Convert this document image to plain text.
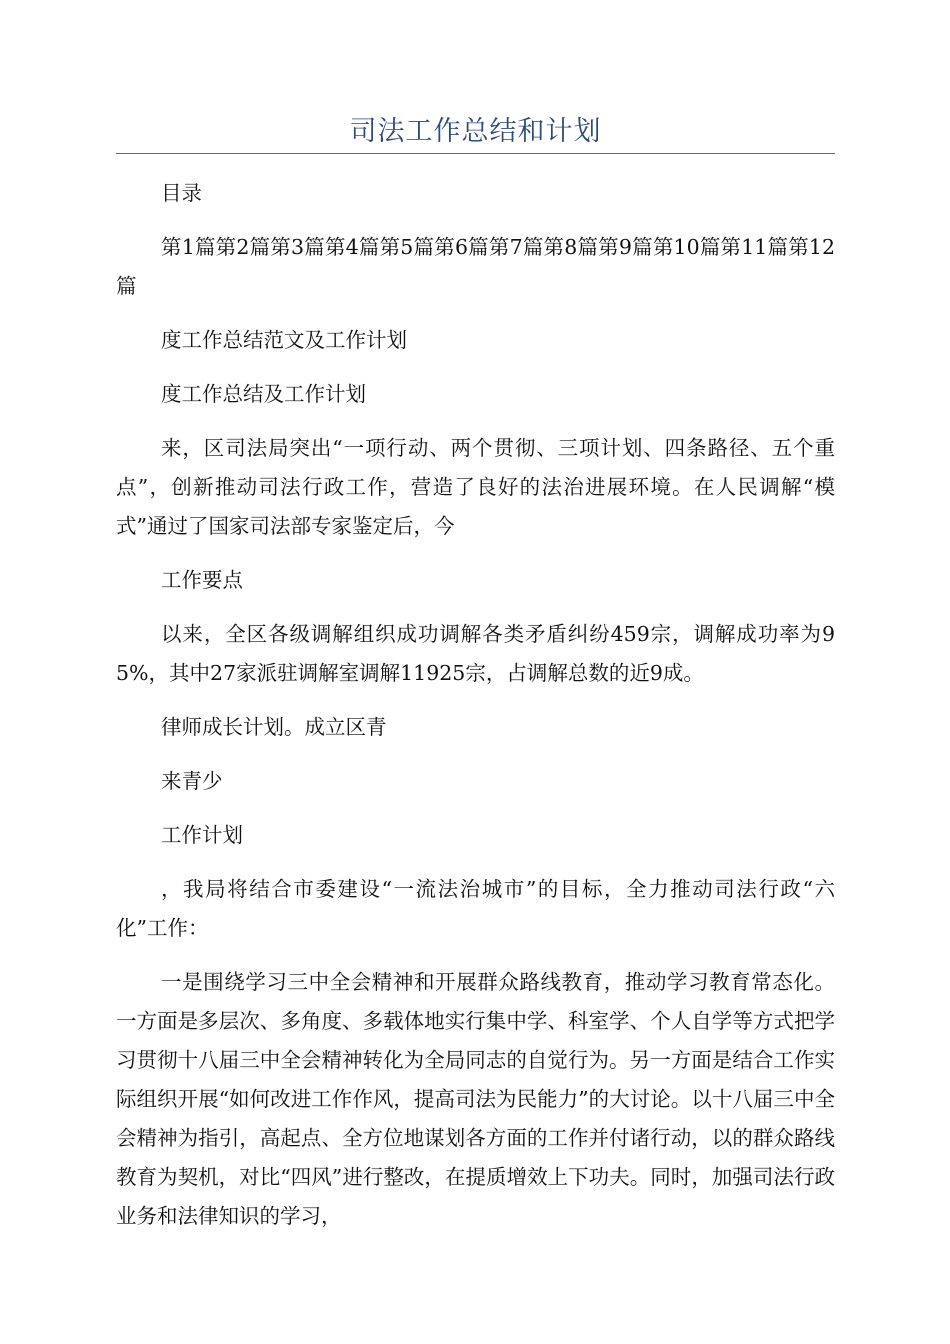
司法工作总结和计划

目录

第1篇第2篇第3篇第4篇第5篇第6篇第7篇第8篇第9篇第10篇第11篇第12篇

度工作总结范文及工作计划

度工作总结及工作计划

来，区司法局突出“一项行动、两个贯彻、三项计划、四条路径、五个重点”，创新推动司法行政工作，营造了良好的法治进展环境。在人民调解“模式”通过了国家司法部专家鉴定后，今

工作要点

以来，全区各级调解组织成功调解各类矛盾纠纷459宗，调解成功率为95%，其中27家派驻调解室调解11925宗，占调解总数的近9成。

律师成长计划。成立区青

来青少

工作计划

，我局将结合市委建设“一流法治城市”的目标，全力推动司法行政“六化”工作：

一是围绕学习三中全会精神和开展群众路线教育，推动学习教育常态化。一方面是多层次、多角度、多载体地实行集中学、科室学、个人自学等方式把学习贯彻十八届三中全会精神转化为全局同志的自觉行为。另一方面是结合工作实际组织开展“如何改进工作作风，提高司法为民能力”的大讨论。以十八届三中全会精神为指引，高起点、全方位地谋划各方面的工作并付诸行动，以的群众路线教育为契机，对比“四风”进行整改，在提质增效上下功夫。同时，加强司法行政业务和法律知识的学习，
